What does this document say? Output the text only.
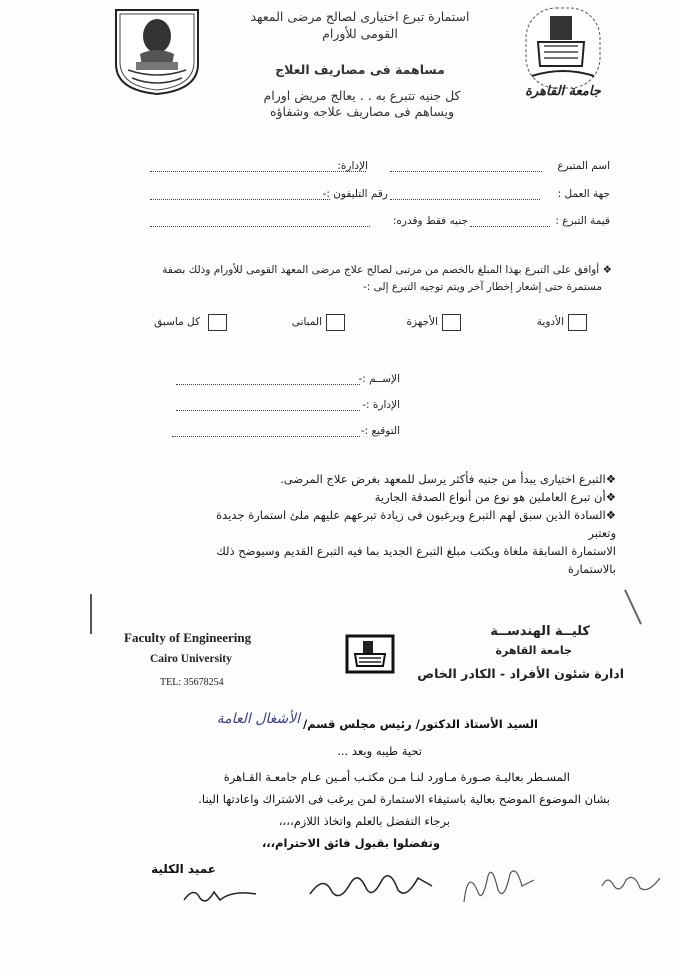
جامعة القاهرة
استمارة تبرع اختيارى لصالح مرضى المعهد
القومى للأورام
مساهمة فى مصاريف العلاج
كل جنيه تتبرع به . . يعالج مريض اورام
ويساهم فى مصاريف علاجه وشفاؤه
اسم المتبرع
الإدارة:
جهة العمل :
رقم التليفون :-
قيمة التبرع :
جنيه فقط وقدره:
❖ أوافق على التبرع بهذا المبلغ بالخصم من مرتبى لصالح علاج مرضى المعهد القومى للأورام وذلك بصفة
مستمرة حتى إشعار إخطار آخر ويتم توجيه التبرع إلى :-
الأدوية
الأجهزة
المبانى
كل ماسبق
الإســم :-
الإدارة :-
التوقيع :-
❖التبرع اختيارى يبدأ من جنيه فأكثر يرسل للمعهد بغرض علاج المرضى.
❖أن تبرع العاملين هو نوع من أنواع الصدقة الجارية
❖السادة الذين سبق لهم التبرع ويرغبون فى زيادة تبرعهم عليهم ملئ استمارة جديدة وتعتبر
الاستمارة السابقة ملغاة ويكتب مبلغ التبرع الجديد بما فيه التبرع القديم وسيوضح ذلك
بالاستمارة
Faculty of Engineering
Cairo University
TEL: 35678254
كليــة الهندســة
جامعة القاهرة
ادارة شئون الأفراد - الكادر الخاص
السيد الأستاذ الدكتور/ رئيس مجلس قسم/
الأشغال العامة
تحية طيبه وبعد ...
المسـطر بعاليـة صـورة مـاورد لنـا مـن مكتـب أمـين عـام جامعـة القـاهرة
بشان الموضوع الموضح بعالية باستيفاء الاستمارة لمن يرغب فى الاشتراك واعادتها الينا.
برجاء التفضل بالعلم واتخاذ اللازم،،،،
وتفضلوا بقبول فائق الاحترام،،،
عميد الكلية
